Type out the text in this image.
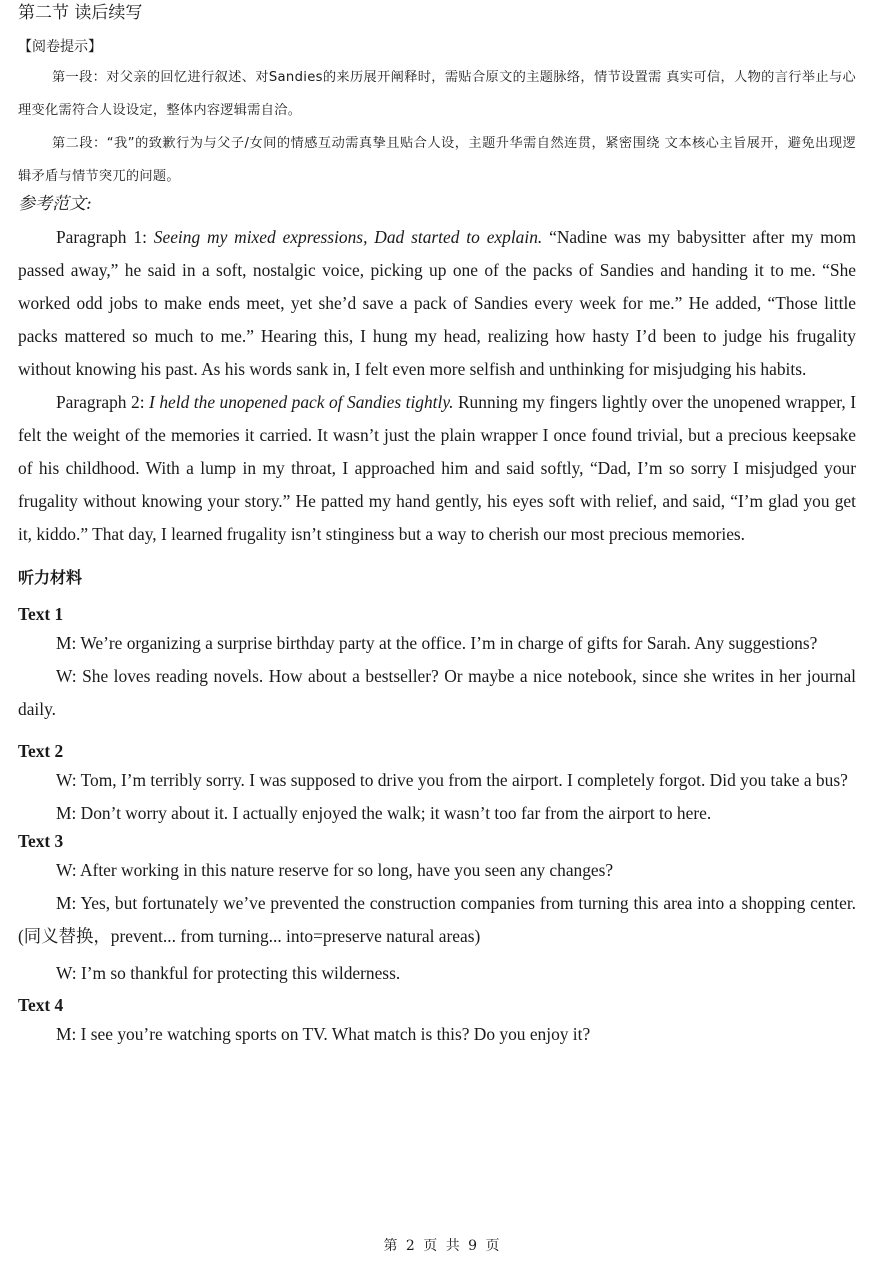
第二节 读后续写
【阅卷提示】

第一段：对父亲的回忆进行叙述、对Sandies的来历展开阐释时，需贴合原文的主题脉络，情节设置需 真实可信，人物的言行举止与心理变化需符合人设设定，整体内容逻辑需自洽。

第二段：“我”的致歉行为与父子/女间的情感互动需真挚且贴合人设，主题升华需自然连贯，紧密围绕 文本核心主旨展开，避免出现逻辑矛盾与情节突兀的问题。

参考范文:

Paragraph 1: Seeing my mixed expressions, Dad started to explain. “Nadine was my babysitter after my mom passed away,” he said in a soft, nostalgic voice, picking up one of the packs of Sandies and handing it to me. “She worked odd jobs to make ends meet, yet she’d save a pack of Sandies every week for me.” He added, “Those little packs mattered so much to me.” Hearing this, I hung my head, realizing how hasty I’d been to judge his frugality without knowing his past. As his words sank in, I felt even more selfish and unthinking for misjudging his habits.

Paragraph 2: I held the unopened pack of Sandies tightly. Running my fingers lightly over the unopened wrapper, I felt the weight of the memories it carried. It wasn’t just the plain wrapper I once found trivial, but a precious keepsake of his childhood. With a lump in my throat, I approached him and said softly, “Dad, I’m so sorry I misjudged your frugality without knowing your story.” He patted my hand gently, his eyes soft with relief, and said, “I’m glad you get it, kiddo.” That day, I learned frugality isn’t stinginess but a way to cherish our most precious memories.

听力材料
Text 1

M: We’re organizing a surprise birthday party at the office. I’m in charge of gifts for Sarah. Any suggestions?

W: She loves reading novels. How about a bestseller? Or maybe a nice notebook, since she writes in her journal daily.

Text 2

W: Tom, I’m terribly sorry. I was supposed to drive you from the airport. I completely forgot. Did you take a bus?

M: Don’t worry about it. I actually enjoyed the walk; it wasn’t too far from the airport to here.

Text 3

W: After working in this nature reserve for so long, have you seen any changes?

M: Yes, but fortunately we’ve prevented the construction companies from turning this area into a shopping center. (同义替换，prevent... from turning... into=preserve natural areas)

W: I’m so thankful for protecting this wilderness.

Text 4

M: I see you’re watching sports on TV. What match is this? Do you enjoy it?

第 2 页 共 9 页
